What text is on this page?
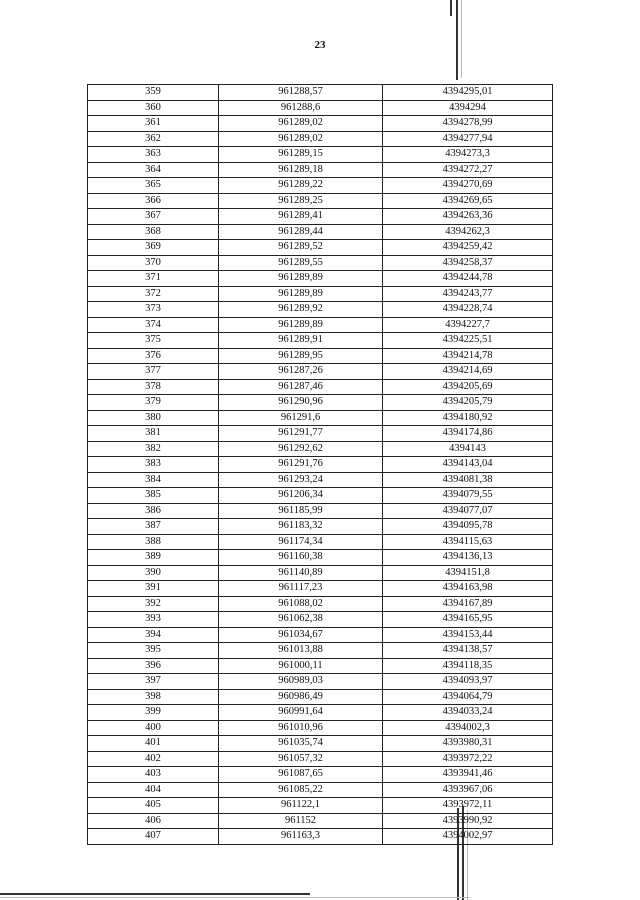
23
359	961288,57	4394295,01
360	961288,6	4394294
361	961289,02	4394278,99
362	961289,02	4394277,94
363	961289,15	4394273,3
364	961289,18	4394272,27
365	961289,22	4394270,69
366	961289,25	4394269,65
367	961289,41	4394263,36
368	961289,44	4394262,3
369	961289,52	4394259,42
370	961289,55	4394258,37
371	961289,89	4394244,78
372	961289,89	4394243,77
373	961289,92	4394228,74
374	961289,89	4394227,7
375	961289,91	4394225,51
376	961289,95	4394214,78
377	961287,26	4394214,69
378	961287,46	4394205,69
379	961290,96	4394205,79
380	961291,6	4394180,92
381	961291,77	4394174,86
382	961292,62	4394143
383	961291,76	4394143,04
384	961293,24	4394081,38
385	961206,34	4394079,55
386	961185,99	4394077,07
387	961183,32	4394095,78
388	961174,34	4394115,63
389	961160,38	4394136,13
390	961140,89	4394151,8
391	961117,23	4394163,98
392	961088,02	4394167,89
393	961062,38	4394165,95
394	961034,67	4394153,44
395	961013,88	4394138,57
396	961000,11	4394118,35
397	960989,03	4394093,97
398	960986,49	4394064,79
399	960991,64	4394033,24
400	961010,96	4394002,3
401	961035,74	4393980,31
402	961057,32	4393972,22
403	961087,65	4393941,46
404	961085,22	4393967,06
405	961122,1	4393972,11
406	961152	4393990,92
407	961163,3	4394002,97
